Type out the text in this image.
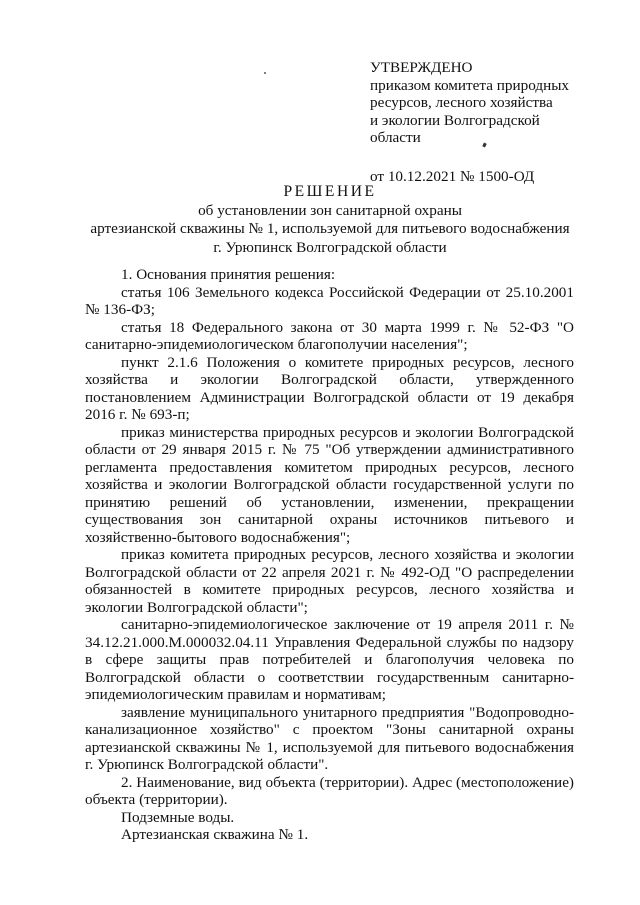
УТВЕРЖДЕНО
приказом комитета природных
ресурсов, лесного хозяйства
и экологии Волгоградской
области
от 10.12.2021 № 1500-ОД
РЕШЕНИЕ
об установлении зон санитарной охраны
артезианской скважины № 1, используемой для питьевого водоснабжения
г. Урюпинск Волгоградской области

1. Основания принятия решения:

статья 106 Земельного кодекса Российской Федерации от 25.10.2001 № 136-ФЗ;

статья 18 Федерального закона от 30 марта 1999 г. № 52-ФЗ "О санитарно-эпидемиологическом благополучии населения";

пункт 2.1.6 Положения о комитете природных ресурсов, лесного хозяйства и экологии Волгоградской области, утвержденного постановлением Администрации Волгоградской области от 19 декабря 2016 г. № 693-п;

приказ министерства природных ресурсов и экологии Волгоградской области от 29 января 2015 г. № 75 "Об утверждении административного регламента предоставления комитетом природных ресурсов, лесного хозяйства и экологии Волгоградской области государственной услуги по принятию решений об установлении, изменении, прекращении существования зон санитарной охраны источников питьевого и хозяйственно-бытового водоснабжения";

приказ комитета природных ресурсов, лесного хозяйства и экологии Волгоградской области от 22 апреля 2021 г. № 492-ОД "О распределении обязанностей в комитете природных ресурсов, лесного хозяйства и экологии Волгоградской области";

санитарно-эпидемиологическое заключение от 19 апреля 2011 г. № 34.12.21.000.М.000032.04.11 Управления Федеральной службы по надзору в сфере защиты прав потребителей и благополучия человека по Волгоградской области о соответствии государственным санитарно-эпидемиологическим правилам и нормативам;

заявление муниципального унитарного предприятия "Водопроводно-канализационное хозяйство" с проектом "Зоны санитарной охраны артезианской скважины № 1, используемой для питьевого водоснабжения г. Урюпинск Волгоградской области".

2. Наименование, вид объекта (территории). Адрес (местоположение) объекта (территории).

Подземные воды.

Артезианская скважина № 1.
